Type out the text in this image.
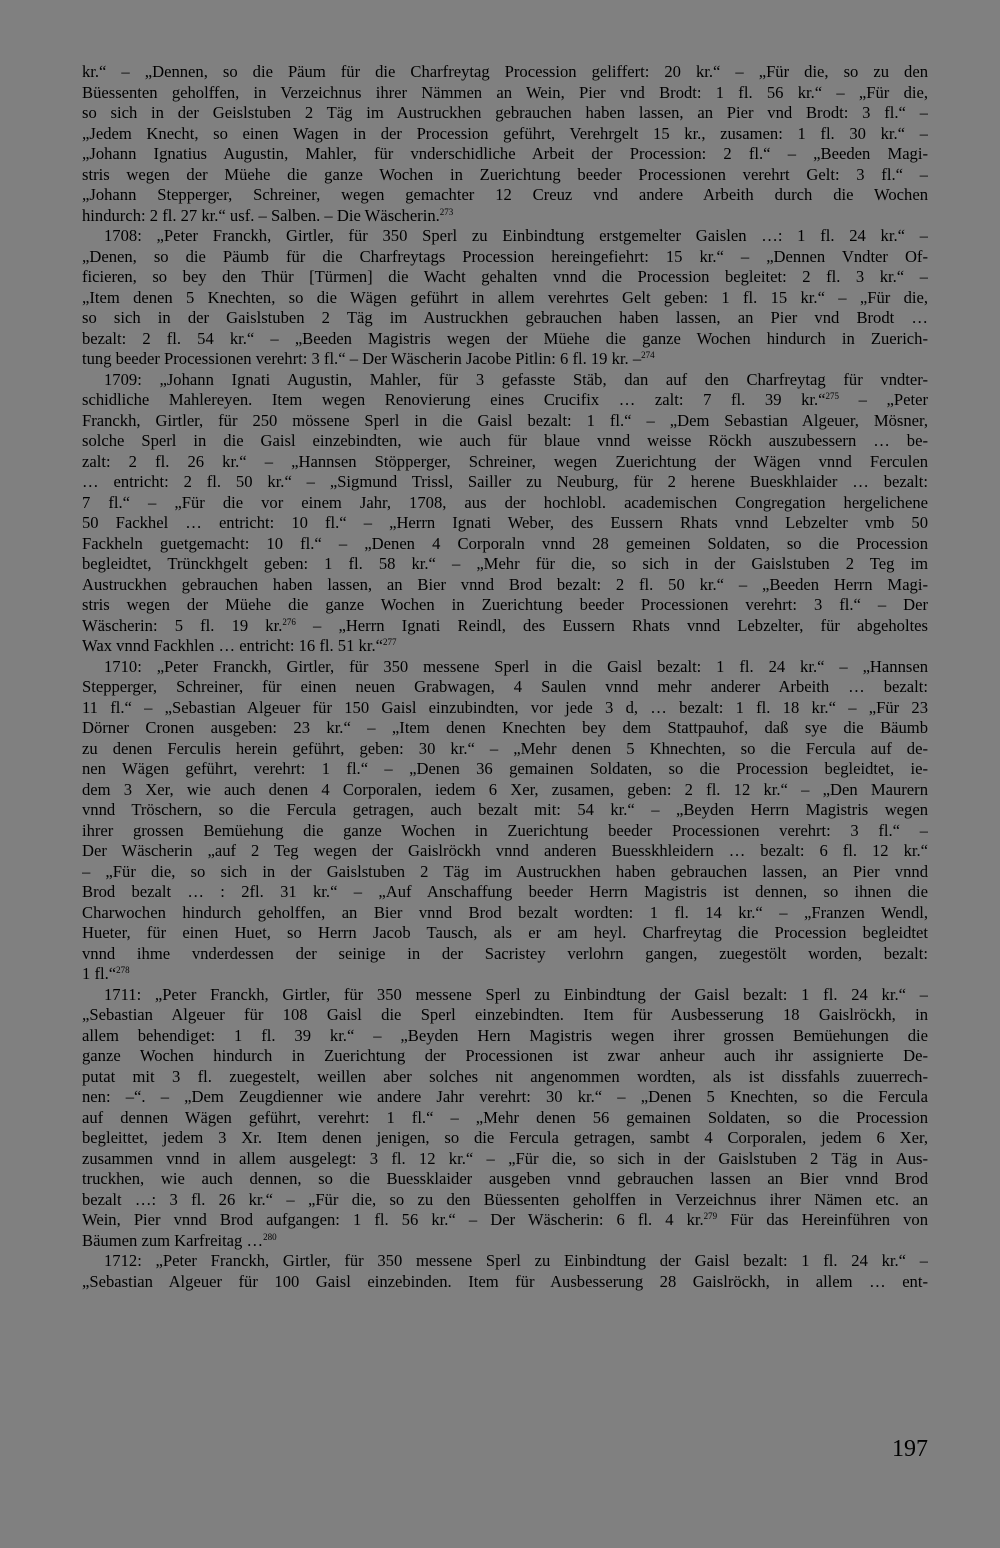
kr.“ – „Dennen, so die Päum für die Charfreytag Procession geliffert: 20 kr.“ – „Für die, so zu den
Büessenten geholffen, in Verzeichnus ihrer Nämmen an Wein, Pier vnd Brodt: 1 fl. 56 kr.“ – „Für die,
so sich in der Geislstuben 2 Täg im Austruckhen gebrauchen haben lassen, an Pier vnd Brodt: 3 fl.“ –
„Jedem Knecht, so einen Wagen in der Procession geführt, Verehrgelt 15 kr., zusamen: 1 fl. 30 kr.“ –
„Johann Ignatius Augustin, Mahler, für vnderschidliche Arbeit der Procession: 2 fl.“ – „Beeden Magi-
stris wegen der Müehe die ganze Wochen in Zuerichtung beeder Processionen verehrt Gelt: 3 fl.“ –
„Johann Stepperger, Schreiner, wegen gemachter 12 Creuz vnd andere Arbeith durch die Wochen
hindurch: 2 fl. 27 kr.“ usf. – Salben. – Die Wäscherin.$^{273}$
1708: „Peter Franckh, Girtler, für 350 Sperl zu Einbindtung erstgemelter Gaislen …: 1 fl. 24 kr.“ –
„Denen, so die Päumb für die Charfreytags Procession hereingefiehrt: 15 kr.“ – „Dennen Vndter Of-
ficieren, so bey den Thür [Türmen] die Wacht gehalten vnnd die Procession begleitet: 2 fl. 3 kr.“ –
„Item denen 5 Knechten, so die Wägen geführt in allem verehrtes Gelt geben: 1 fl. 15 kr.“ – „Für die,
so sich in der Gaislstuben 2 Täg im Austruckhen gebrauchen haben lassen, an Pier vnd Brodt …
bezalt: 2 fl. 54 kr.“ – „Beeden Magistris wegen der Müehe die ganze Wochen hindurch in Zuerich-
tung beeder Processionen verehrt: 3 fl.“ – Der Wäscherin Jacobe Pitlin: 6 fl. 19 kr. –$^{274}$
1709: „Johann Ignati Augustin, Mahler, für 3 gefasste Stäb, dan auf den Charfreytag für vndter-
schidliche Mahlereyen. Item wegen Renovierung eines Crucifix … zalt: 7 fl. 39 kr.“$^{275}$ – „Peter
Franckh, Girtler, für 250 mössene Sperl in die Gaisl bezalt: 1 fl.“ – „Dem Sebastian Algeuer, Mösner,
solche Sperl in die Gaisl einzebindten, wie auch für blaue vnnd weisse Röckh auszubessern … be-
zalt: 2 fl. 26 kr.“ – „Hannsen Stöpperger, Schreiner, wegen Zuerichtung der Wägen vnnd Ferculen
… entricht: 2 fl. 50 kr.“ – „Sigmund Trissl, Sailler zu Neuburg, für 2 herene Bueskhlaider … bezalt:
7 fl.“ – „Für die vor einem Jahr, 1708, aus der hochlobl. academischen Congregation hergelichene
50 Fackhel … entricht: 10 fl.“ – „Herrn Ignati Weber, des Eussern Rhats vnnd Lebzelter vmb 50
Fackheln guetgemacht: 10 fl.“ – „Denen 4 Corporaln vnnd 28 gemeinen Soldaten, so die Procession
begleidtet, Trünckhgelt geben: 1 fl. 58 kr.“ – „Mehr für die, so sich in der Gaislstuben 2 Teg im
Austruckhen gebrauchen haben lassen, an Bier vnnd Brod bezalt: 2 fl. 50 kr.“ – „Beeden Herrn Magi-
stris wegen der Müehe die ganze Wochen in Zuerichtung beeder Processionen verehrt: 3 fl.“ – Der
Wäscherin: 5 fl. 19 kr.$^{276}$ – „Herrn Ignati Reindl, des Eussern Rhats vnnd Lebzelter, für abgeholtes
Wax vnnd Fackhlen … entricht: 16 fl. 51 kr.“$^{277}$
1710: „Peter Franckh, Girtler, für 350 messene Sperl in die Gaisl bezalt: 1 fl. 24 kr.“ – „Hannsen
Stepperger, Schreiner, für einen neuen Grabwagen, 4 Saulen vnnd mehr anderer Arbeith … bezalt:
11 fl.“ – „Sebastian Algeuer für 150 Gaisl einzubindten, vor jede 3 d, … bezalt: 1 fl. 18 kr.“ – „Für 23
Dörner Cronen ausgeben: 23 kr.“ – „Item denen Knechten bey dem Stattpauhof, daß sye die Bäumb
zu denen Ferculis herein geführt, geben: 30 kr.“ – „Mehr denen 5 Khnechten, so die Fercula auf de-
nen Wägen geführt, verehrt: 1 fl.“ – „Denen 36 gemainen Soldaten, so die Procession begleidtet, ie-
dem 3 Xer, wie auch denen 4 Corporalen, iedem 6 Xer, zusamen, geben: 2 fl. 12 kr.“ – „Den Maurern
vnnd Tröschern, so die Fercula getragen, auch bezalt mit: 54 kr.“ – „Beyden Herrn Magistris wegen
ihrer grossen Bemüehung die ganze Wochen in Zuerichtung beeder Processionen verehrt: 3 fl.“ –
Der Wäscherin „auf 2 Teg wegen der Gaislröckh vnnd anderen Buesskhleidern … bezalt: 6 fl. 12 kr.“
– „Für die, so sich in der Gaislstuben 2 Täg im Austruckhen haben gebrauchen lassen, an Pier vnnd
Brod bezalt … : 2fl. 31 kr.“ – „Auf Anschaffung beeder Herrn Magistris ist dennen, so ihnen die
Charwochen hindurch geholffen, an Bier vnnd Brod bezalt wordten: 1 fl. 14 kr.“ – „Franzen Wendl,
Hueter, für einen Huet, so Herrn Jacob Tausch, als er am heyl. Charfreytag die Procession begleidtet
vnnd ihme vnderdessen der seinige in der Sacristey verlohrn gangen, zuegestölt worden, bezalt:
1 fl.“$^{278}$
1711: „Peter Franckh, Girtler, für 350 messene Sperl zu Einbindtung der Gaisl bezalt: 1 fl. 24 kr.“ –
„Sebastian Algeuer für 108 Gaisl die Sperl einzebindten. Item für Ausbesserung 18 Gaislröckh, in
allem behendiget: 1 fl. 39 kr.“ – „Beyden Hern Magistris wegen ihrer grossen Bemüehungen die
ganze Wochen hindurch in Zuerichtung der Processionen ist zwar anheur auch ihr assignierte De-
putat mit 3 fl. zuegestelt, weillen aber solches nit angenommen wordten, als ist dissfahls zuuerrech-
nen: –“. – „Dem Zeugdienner wie andere Jahr verehrt: 30 kr.“ – „Denen 5 Knechten, so die Fercula
auf dennen Wägen geführt, verehrt: 1 fl.“ – „Mehr denen 56 gemainen Soldaten, so die Procession
begleittet, jedem 3 Xr. Item denen jenigen, so die Fercula getragen, sambt 4 Corporalen, jedem 6 Xer,
zusammen vnnd in allem ausgelegt: 3 fl. 12 kr.“ – „Für die, so sich in der Gaislstuben 2 Täg in Aus-
truckhen, wie auch dennen, so die Buessklaider ausgeben vnnd gebrauchen lassen an Bier vnnd Brod
bezalt …: 3 fl. 26 kr.“ – „Für die, so zu den Büessenten geholffen in Verzeichnus ihrer Nämen etc. an
Wein, Pier vnnd Brod aufgangen: 1 fl. 56 kr.“ – Der Wäscherin: 6 fl. 4 kr.$^{279}$ Für das Hereinführen von
Bäumen zum Karfreitag …$^{280}$
1712: „Peter Franckh, Girtler, für 350 messene Sperl zu Einbindtung der Gaisl bezalt: 1 fl. 24 kr.“ –
„Sebastian Algeuer für 100 Gaisl einzebinden. Item für Ausbesserung 28 Gaislröckh, in allem … ent-
197
